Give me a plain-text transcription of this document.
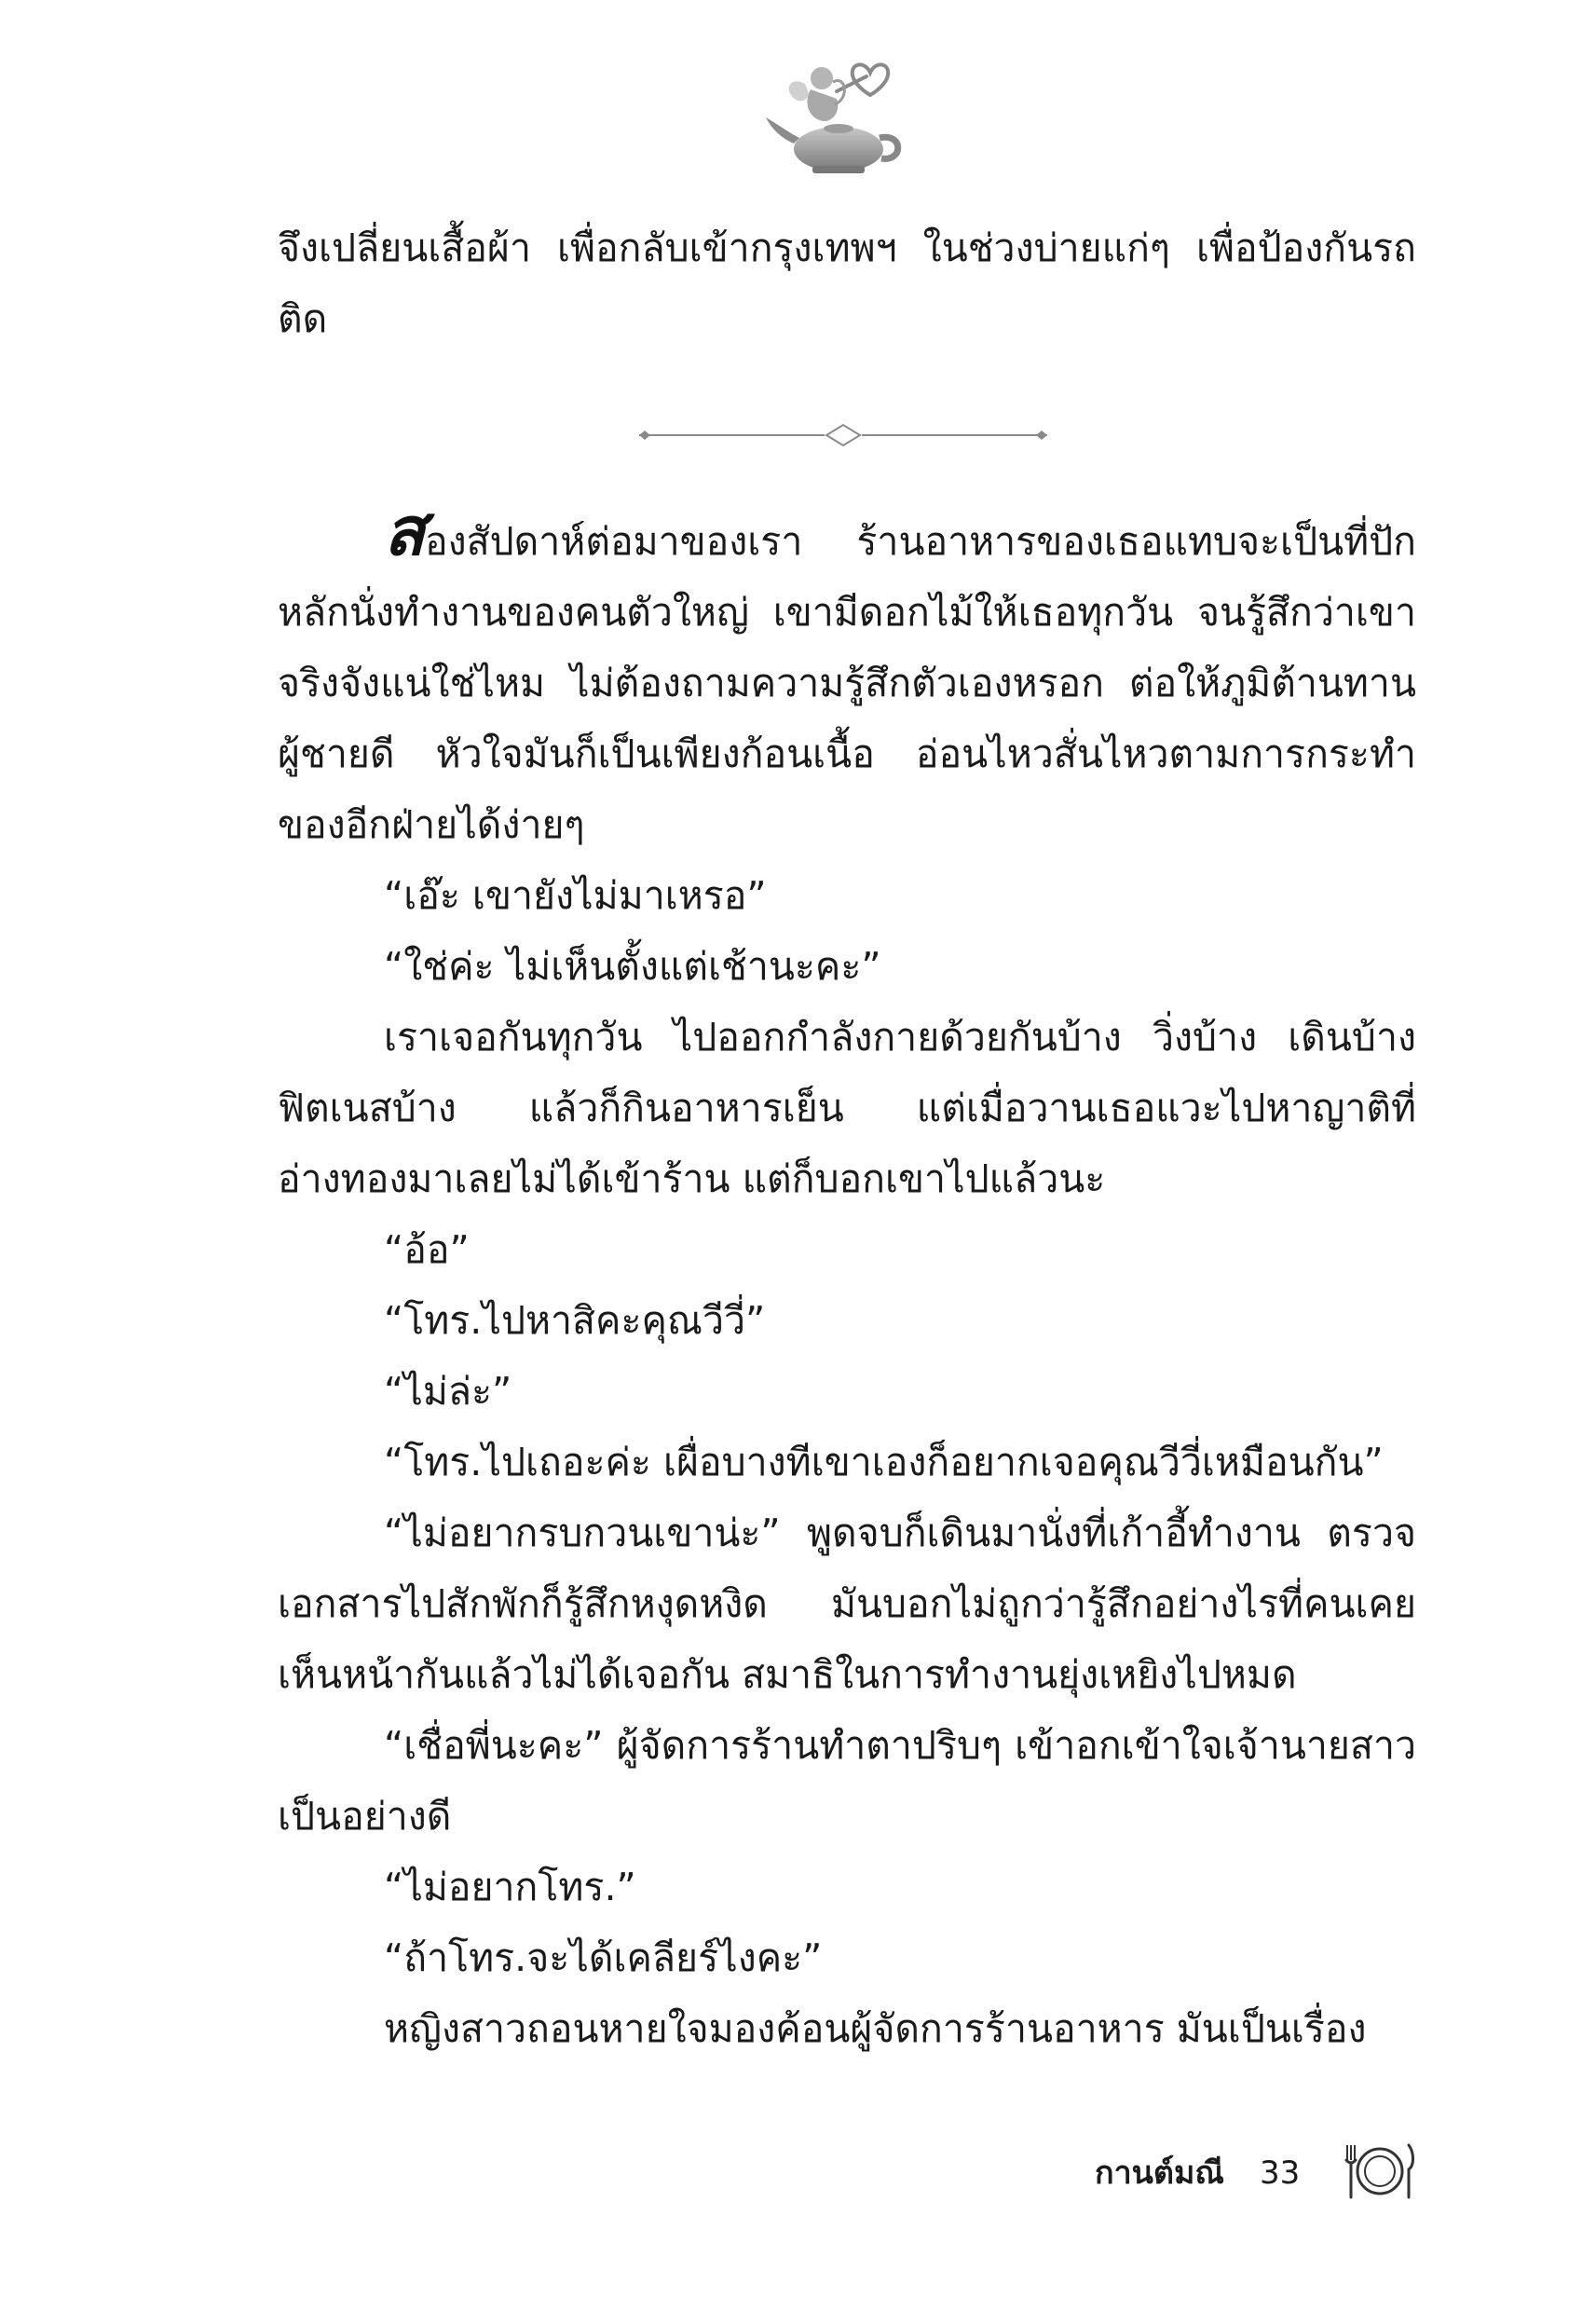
จึงเปลี่ยนเสื้อผ้า เพื่อกลับเข้ากรุงเทพฯ ในช่วงบ่ายแก่ๆ เพื่อป้องกันรถติด

สองสัปดาห์ต่อมาของเรา ร้านอาหารของเธอแทบจะเป็นที่ปักหลักนั่งทำงานของคนตัวใหญ่ เขามีดอกไม้ให้เธอทุกวัน จนรู้สึกว่าเขาจริงจังแน่ใช่ไหม ไม่ต้องถามความรู้สึกตัวเองหรอก ต่อให้ภูมิต้านทานผู้ชายดี หัวใจมันก็เป็นเพียงก้อนเนื้อ อ่อนไหวสั่นไหวตามการกระทำของอีกฝ่ายได้ง่ายๆ

“เอ๊ะ เขายังไม่มาเหรอ”

“ใช่ค่ะ ไม่เห็นตั้งแต่เช้านะคะ”

เราเจอกันทุกวัน ไปออกกำลังกายด้วยกันบ้าง วิ่งบ้าง เดินบ้าง ฟิตเนสบ้าง แล้วก็กินอาหารเย็น แต่เมื่อวานเธอแวะไปหาญาติที่อ่างทองมาเลยไม่ได้เข้าร้าน แต่ก็บอกเขาไปแล้วนะ

“อ้อ”

“โทร.ไปหาสิคะคุณวีวี่”

“ไม่ล่ะ”

“โทร.ไปเถอะค่ะ เผื่อบางทีเขาเองก็อยากเจอคุณวีวี่เหมือนกัน”

“ไม่อยากรบกวนเขาน่ะ” พูดจบก็เดินมานั่งที่เก้าอี้ทำงาน ตรวจเอกสารไปสักพักก็รู้สึกหงุดหงิด มันบอกไม่ถูกว่ารู้สึกอย่างไรที่คนเคยเห็นหน้ากันแล้วไม่ได้เจอกัน สมาธิในการทำงานยุ่งเหยิงไปหมด

“เชื่อพี่นะคะ” ผู้จัดการร้านทำตาปริบๆ เข้าอกเข้าใจเจ้านายสาวเป็นอย่างดี

“ไม่อยากโทร.”

“ถ้าโทร.จะได้เคลียร์ไงคะ”

หญิงสาวถอนหายใจมองค้อนผู้จัดการร้านอาหาร มันเป็นเรื่อง

กานต์มณี 33
